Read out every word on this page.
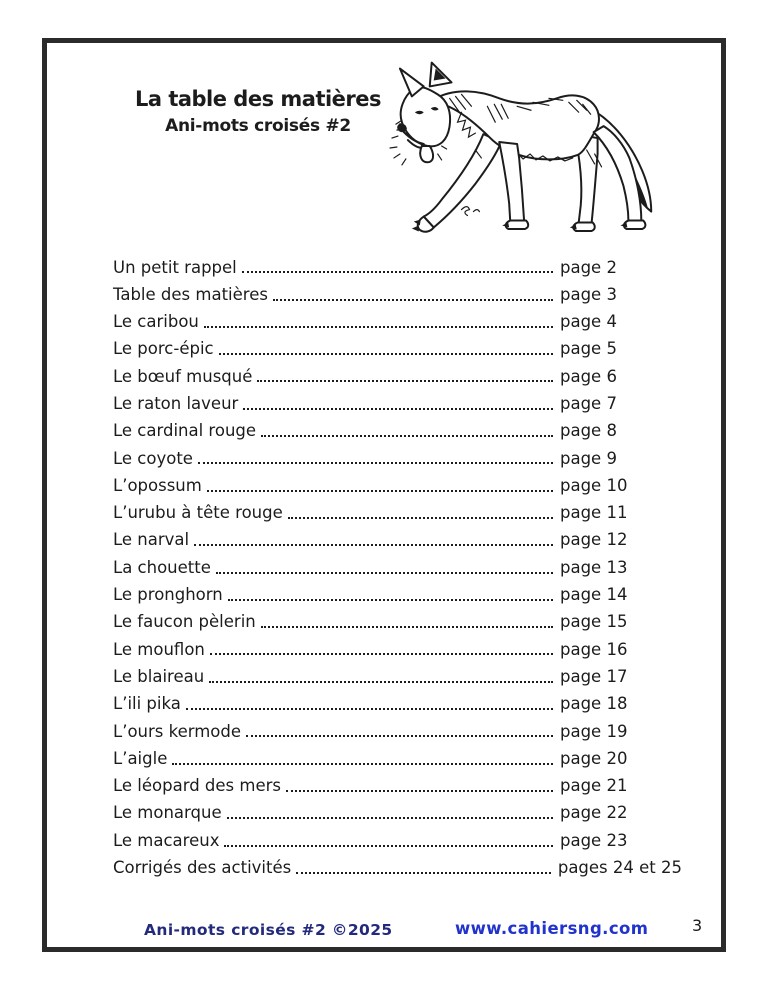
La table des matières
Ani-mots croisés #2
Un petit rappel	page 2
Table des matières	page 3
Le caribou	page 4
Le porc-épic	page 5
Le bœuf musqué	page 6
Le raton laveur	page 7
Le cardinal rouge	page 8
Le coyote	page 9
L’opossum	page 10
L’urubu à tête rouge	page 11
Le narval	page 12
La chouette	page 13
Le pronghorn	page 14
Le faucon pèlerin	page 15
Le mouflon	page 16
Le blaireau	page 17
L’ili pika	page 18
L’ours kermode	page 19
L’aigle	page 20
Le léopard des mers	page 21
Le monarque	page 22
Le macareux	page 23
Corrigés des activités	pages 24 et 25
Ani-mots croisés #2 ©2025	www.cahiersng.com	3
